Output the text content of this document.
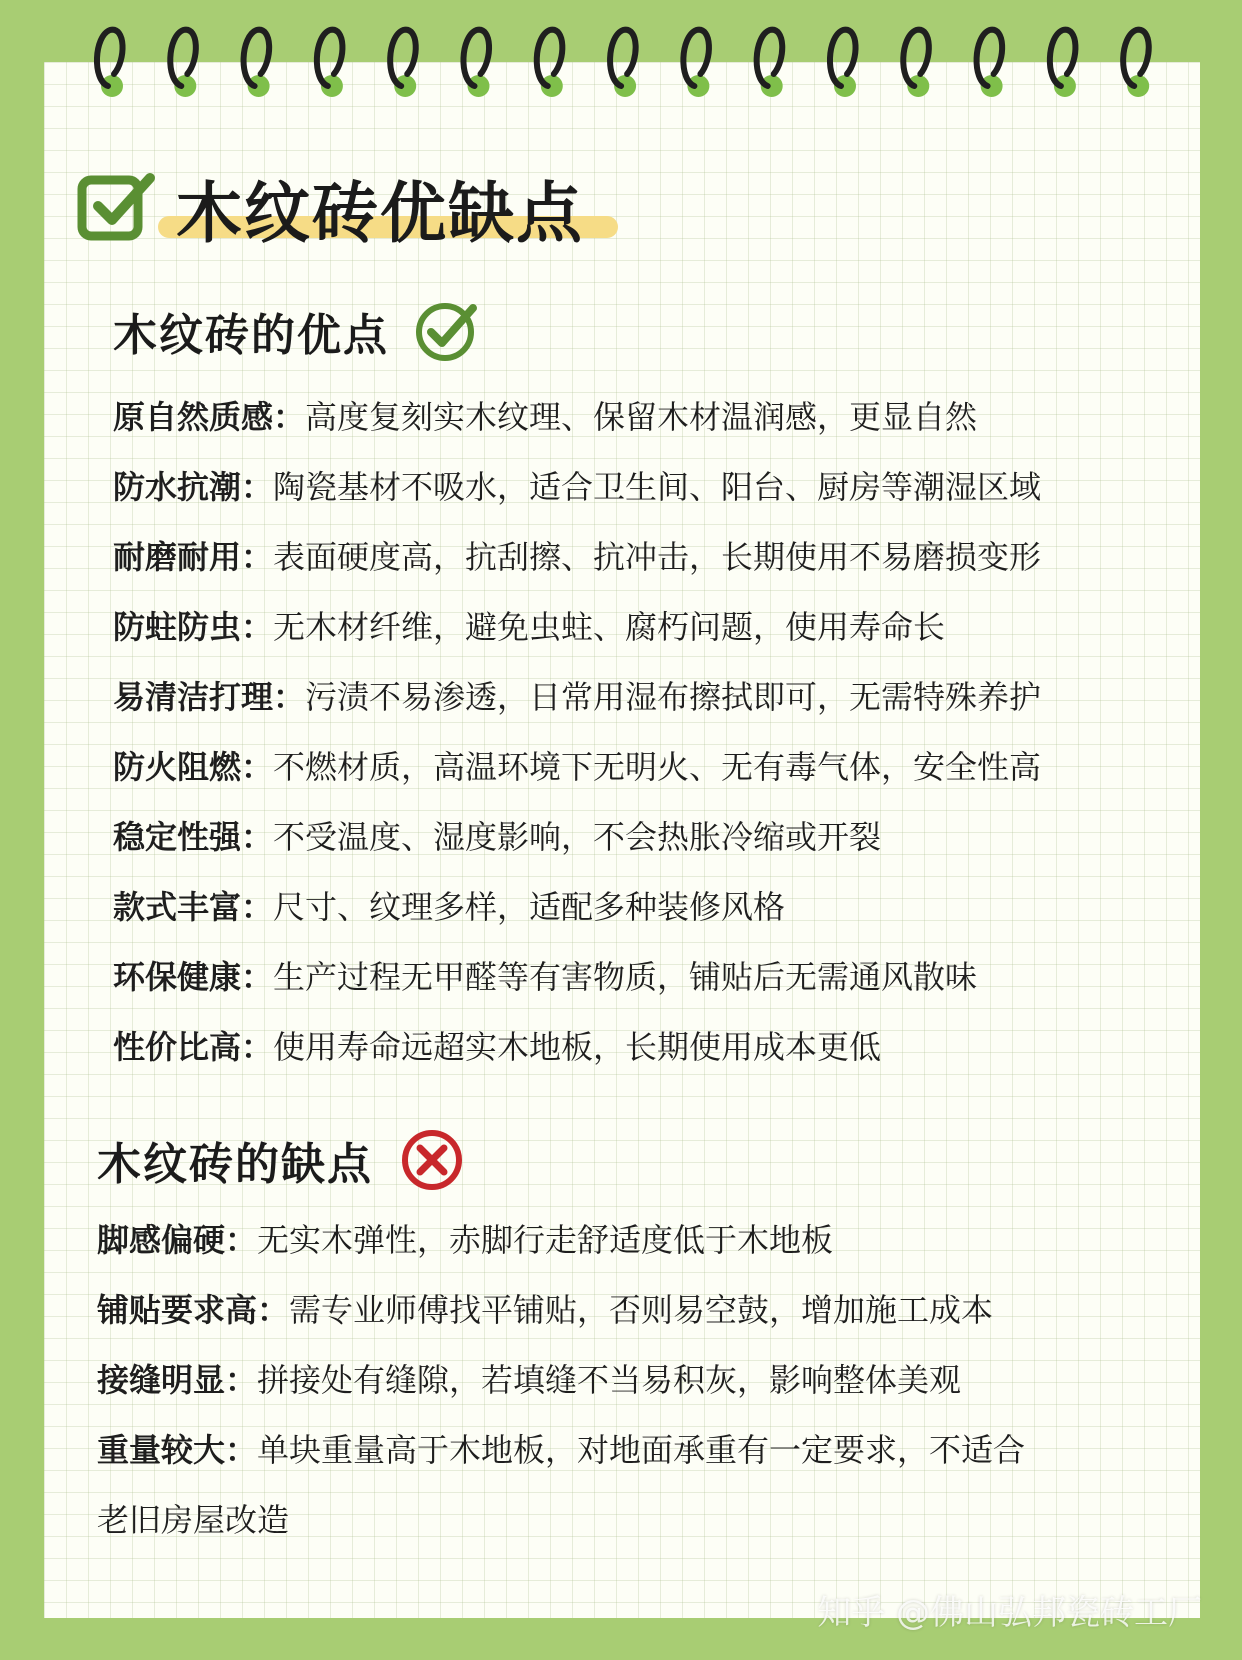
木纹砖优缺点
木纹砖的优点
原自然质感：高度复刻实木纹理、保留木材温润感，更显自然
防水抗潮：陶瓷基材不吸水，适合卫生间、阳台、厨房等潮湿区域
耐磨耐用：表面硬度高，抗刮擦、抗冲击，长期使用不易磨损变形
防蛀防虫：无木材纤维，避免虫蛀、腐朽问题，使用寿命长
易清洁打理：污渍不易渗透，日常用湿布擦拭即可，无需特殊养护
防火阻燃：不燃材质，高温环境下无明火、无有毒气体，安全性高
稳定性强：不受温度、湿度影响，不会热胀冷缩或开裂
款式丰富：尺寸、纹理多样，适配多种装修风格
环保健康：生产过程无甲醛等有害物质，铺贴后无需通风散味
性价比高：使用寿命远超实木地板，长期使用成本更低
木纹砖的缺点
脚感偏硬：无实木弹性，赤脚行走舒适度低于木地板
铺贴要求高：需专业师傅找平铺贴，否则易空鼓，增加施工成本
接缝明显：拼接处有缝隙，若填缝不当易积灰，影响整体美观
重量较大：单块重量高于木地板，对地面承重有一定要求，不适合
老旧房屋改造
知乎 @佛山弘邦瓷砖工厂
